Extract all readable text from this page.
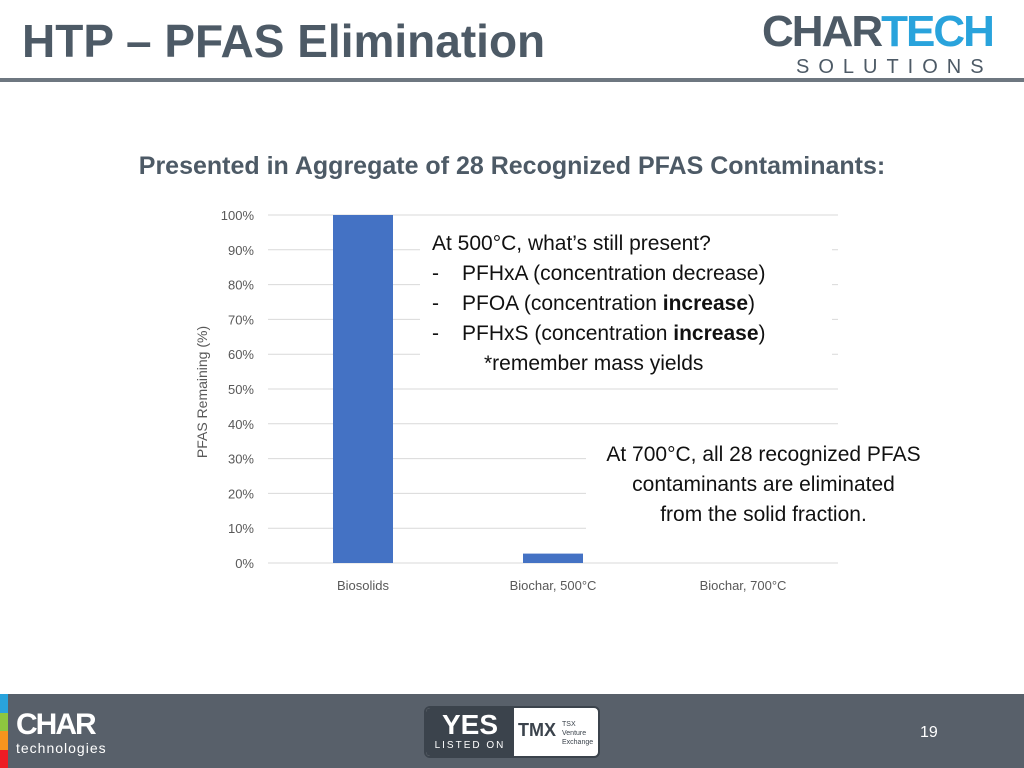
HTP – PFAS Elimination	CHARTECH
SOLUTIONS
Presented in Aggregate of 28 Recognized PFAS Contaminants:
0%
10%
20%
30%
40%
50%
60%
70%
80%
90%
100%
Biosolids	Biochar, 500°C	Biochar, 700°C
PFAS Remaining (%)
At 500°C, what’s still present?
- PFHxA (concentration decrease)
- PFOA (concentration increase)
- PFHxS (concentration increase)
*remember mass yields
At 700°C, all 28 recognized PFAS
contaminants are eliminated
from the solid fraction.
CHAR
technologies
YES
LISTED ON
TMX TSX Venture Exchange
19
